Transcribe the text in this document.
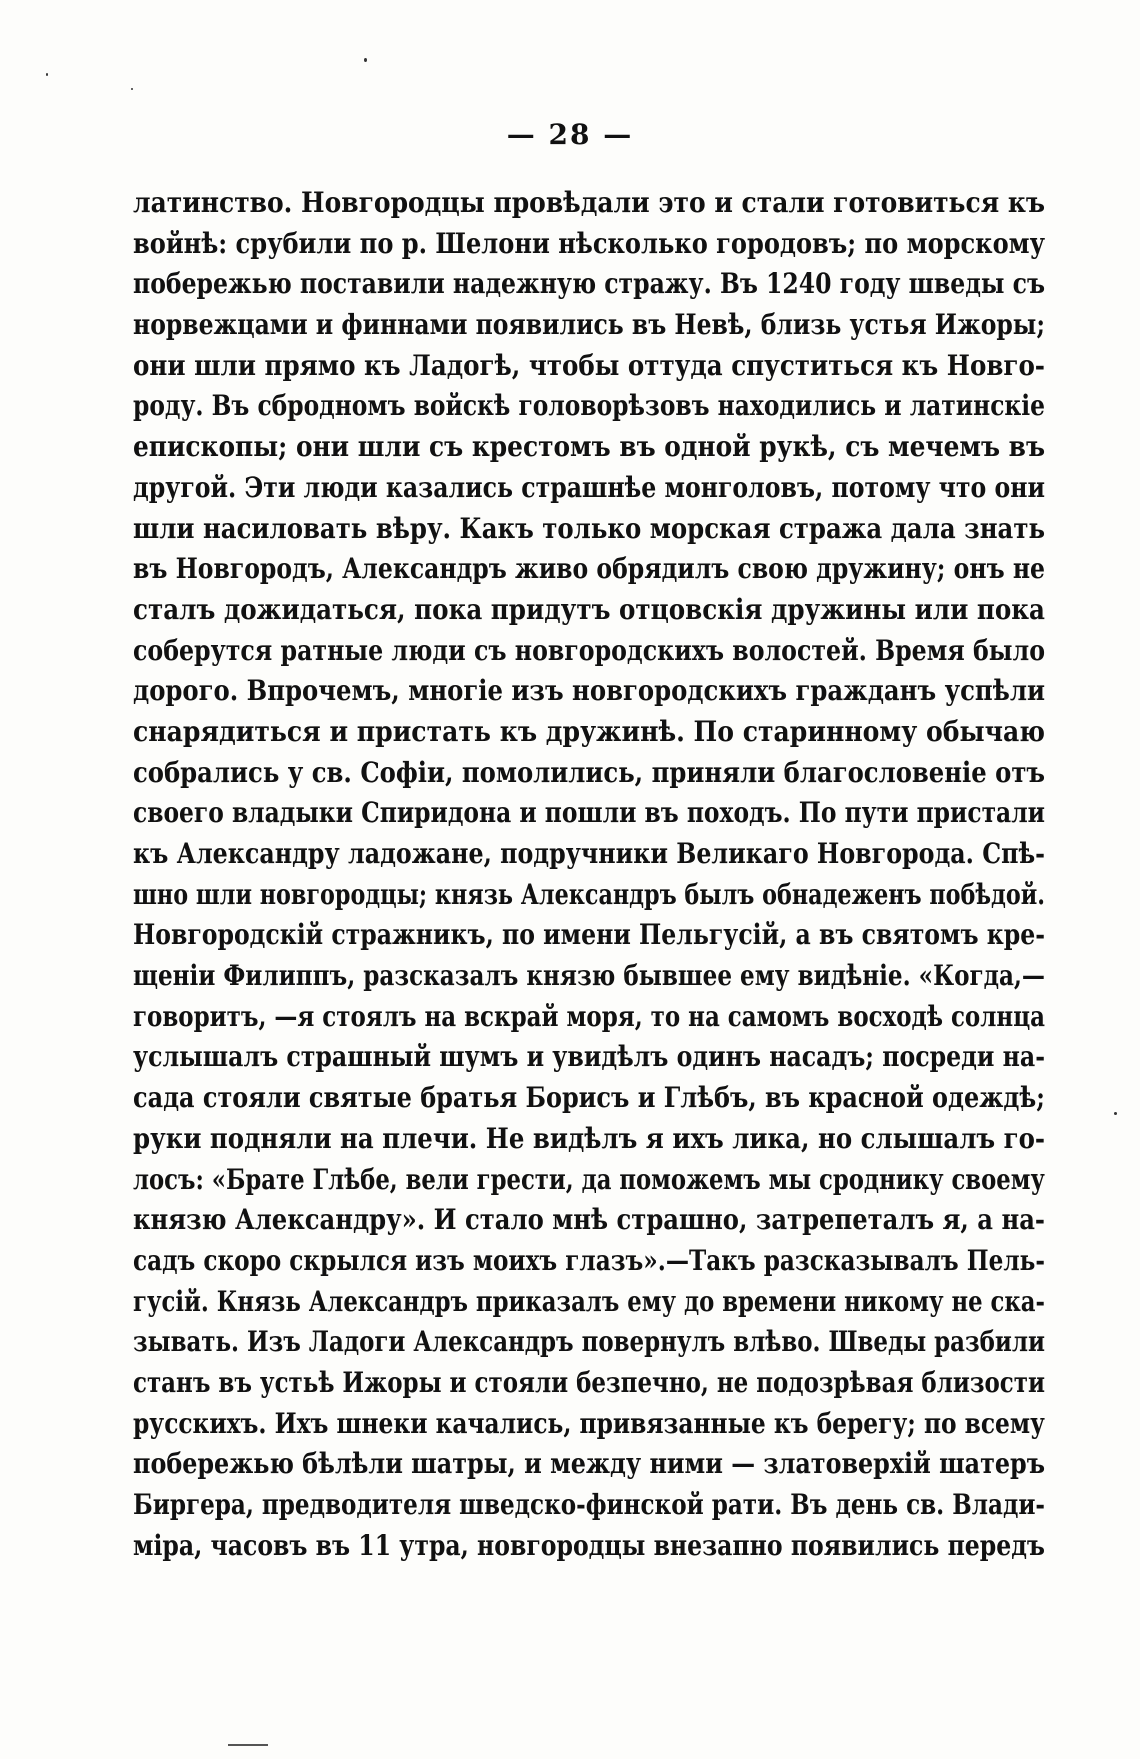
— 28 —
латинство. Новгородцы провѣдали это и стали готовиться къ
войнѣ: срубили по р. Шелони нѣсколько городовъ; по морскому
побережью поставили надежную стражу. Въ 1240 году шведы съ
норвежцами и финнами появились въ Невѣ, близь устья Ижоры;
они шли прямо къ Ладогѣ, чтобы оттуда спуститься къ Новго-
роду. Въ сбродномъ войскѣ головорѣзовъ находились и латинскіе
епископы; они шли съ крестомъ въ одной рукѣ, съ мечемъ въ
другой. Эти люди казались страшнѣе монголовъ, потому что они
шли насиловать вѣру. Какъ только морская стража дала знать
въ Новгородъ, Александръ живо обрядилъ свою дружину; онъ не
сталъ дожидаться, пока придутъ отцовскія дружины или пока
соберутся ратные люди съ новгородскихъ волостей. Время было
дорого. Впрочемъ, многіе изъ новгородскихъ гражданъ успѣли
снарядиться и пристать къ дружинѣ. По старинному обычаю
собрались у св. Софіи, помолились, приняли благословеніе отъ
своего владыки Спиридона и пошли въ походъ. По пути пристали
къ Александру ладожане, подручники Великаго Новгорода. Спѣ-
шно шли новгородцы; князь Александръ былъ обнадеженъ побѣдой.
Новгородскій стражникъ, по имени Пельгусій, а въ святомъ кре-
щеніи Филиппъ, разсказалъ князю бывшее ему видѣніе. «Когда,—
говоритъ, —я стоялъ на вскрай моря, то на самомъ восходѣ солнца
услышалъ страшный шумъ и увидѣлъ одинъ насадъ; посреди на-
сада стояли святые братья Борисъ и Глѣбъ, въ красной одеждѣ;
руки подняли на плечи. Не видѣлъ я ихъ лика, но слышалъ го-
лосъ: «Брате Глѣбе, вели грести, да поможемъ мы сроднику своему
князю Александру». И стало мнѣ страшно, затрепеталъ я, а на-
садъ скоро скрылся изъ моихъ глазъ».—Такъ разсказывалъ Пель-
гусій. Князь Александръ приказалъ ему до времени никому не ска-
зывать. Изъ Ладоги Александръ повернулъ влѣво. Шведы разбили
станъ въ устьѣ Ижоры и стояли безпечно, не подозрѣвая близости
русскихъ. Ихъ шнеки качались, привязанные къ берегу; по всему
побережью бѣлѣли шатры, и между ними — златоверхій шатеръ
Биргера, предводителя шведско-финской рати. Въ день св. Влади-
міра, часовъ въ 11 утра, новгородцы внезапно появились передъ
